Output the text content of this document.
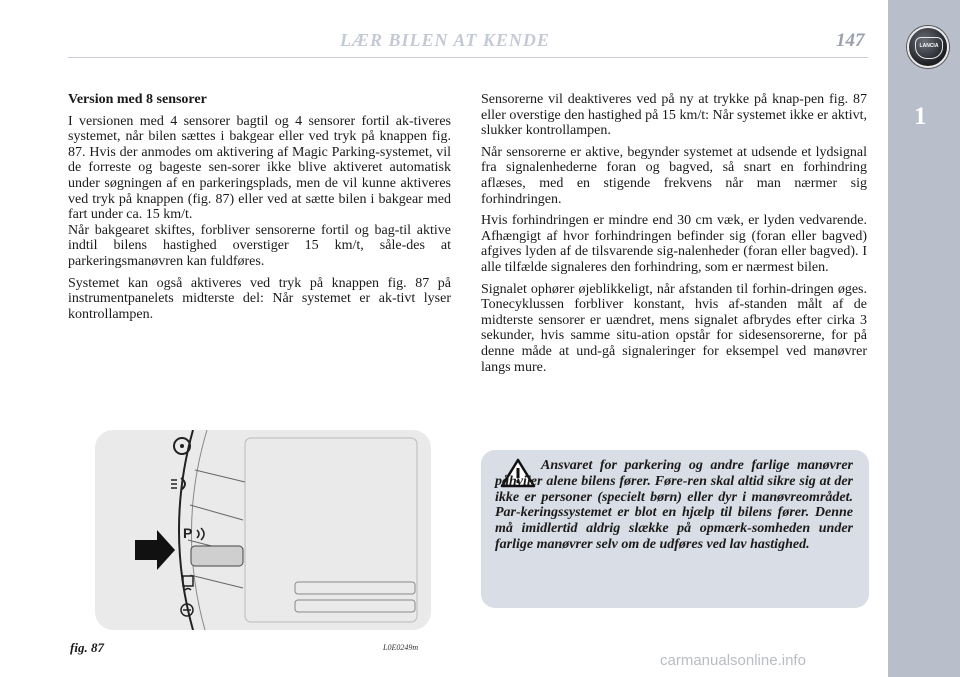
LANCIA
1
LÆR BILEN AT KENDE	147

Version med 8 sensorer

I versionen med 4 sensorer bagtil og 4 sensorer fortil ak-tiveres systemet, når bilen sættes i bakgear eller ved tryk på knappen fig. 87. Hvis der anmodes om aktivering af Magic Parking-systemet, vil de forreste og bageste sen-sorer ikke blive aktiveret automatisk under søgningen af en parkeringsplads, men de vil kunne aktiveres ved tryk på knappen (fig. 87) eller ved at sætte bilen i bakgear med fart under ca. 15 km/t.

Når bakgearet skiftes, forbliver sensorerne fortil og bag-til aktive indtil bilens hastighed overstiger 15 km/t, såle-des at parkeringsmanøvren kan fuldføres.

Systemet kan også aktiveres ved tryk på knappen fig. 87 på instrumentpanelets midterste del: Når systemet er ak-tivt lyser kontrollampen.

Sensorerne vil deaktiveres ved på ny at trykke på knap-pen fig. 87 eller overstige den hastighed på 15 km/t: Når systemet ikke er aktivt, slukker kontrollampen.

Når sensorerne er aktive, begynder systemet at udsende et lydsignal fra signalenhederne foran og bagved, så snart en forhindring aflæses, med en stigende frekvens når man nærmer sig forhindringen.

Hvis forhindringen er mindre end 30 cm væk, er lyden vedvarende. Afhængigt af hvor forhindringen befinder sig (foran eller bagved) afgives lyden af de tilsvarende sig-nalenheder (foran eller bagved). I alle tilfælde signaleres den forhindring, som er nærmest bilen.

Signalet ophører øjeblikkeligt, når afstanden til forhin-dringen øges. Tonecyklussen forbliver konstant, hvis af-standen målt af de midterste sensorer er uændret, mens signalet afbrydes efter cirka 3 sekunder, hvis samme situ-ation opstår for sidesensorerne, for på denne måde at und-gå signaleringer for eksempel ved manøvrer langs mure.

P
fig. 87	L0E0249m
Ansvaret for parkering og andre farlige manøvrer påhviler alene bilens fører. Føre-ren skal altid sikre sig at der ikke er personer (specielt børn) eller dyr i manøvreområdet. Par-keringssystemet er blot en hjælp til bilens fører. Denne må imidlertid aldrig slække på opmærk-somheden under farlige manøvrer selv om de udføres ved lav hastighed.
carmanualsonline.info
